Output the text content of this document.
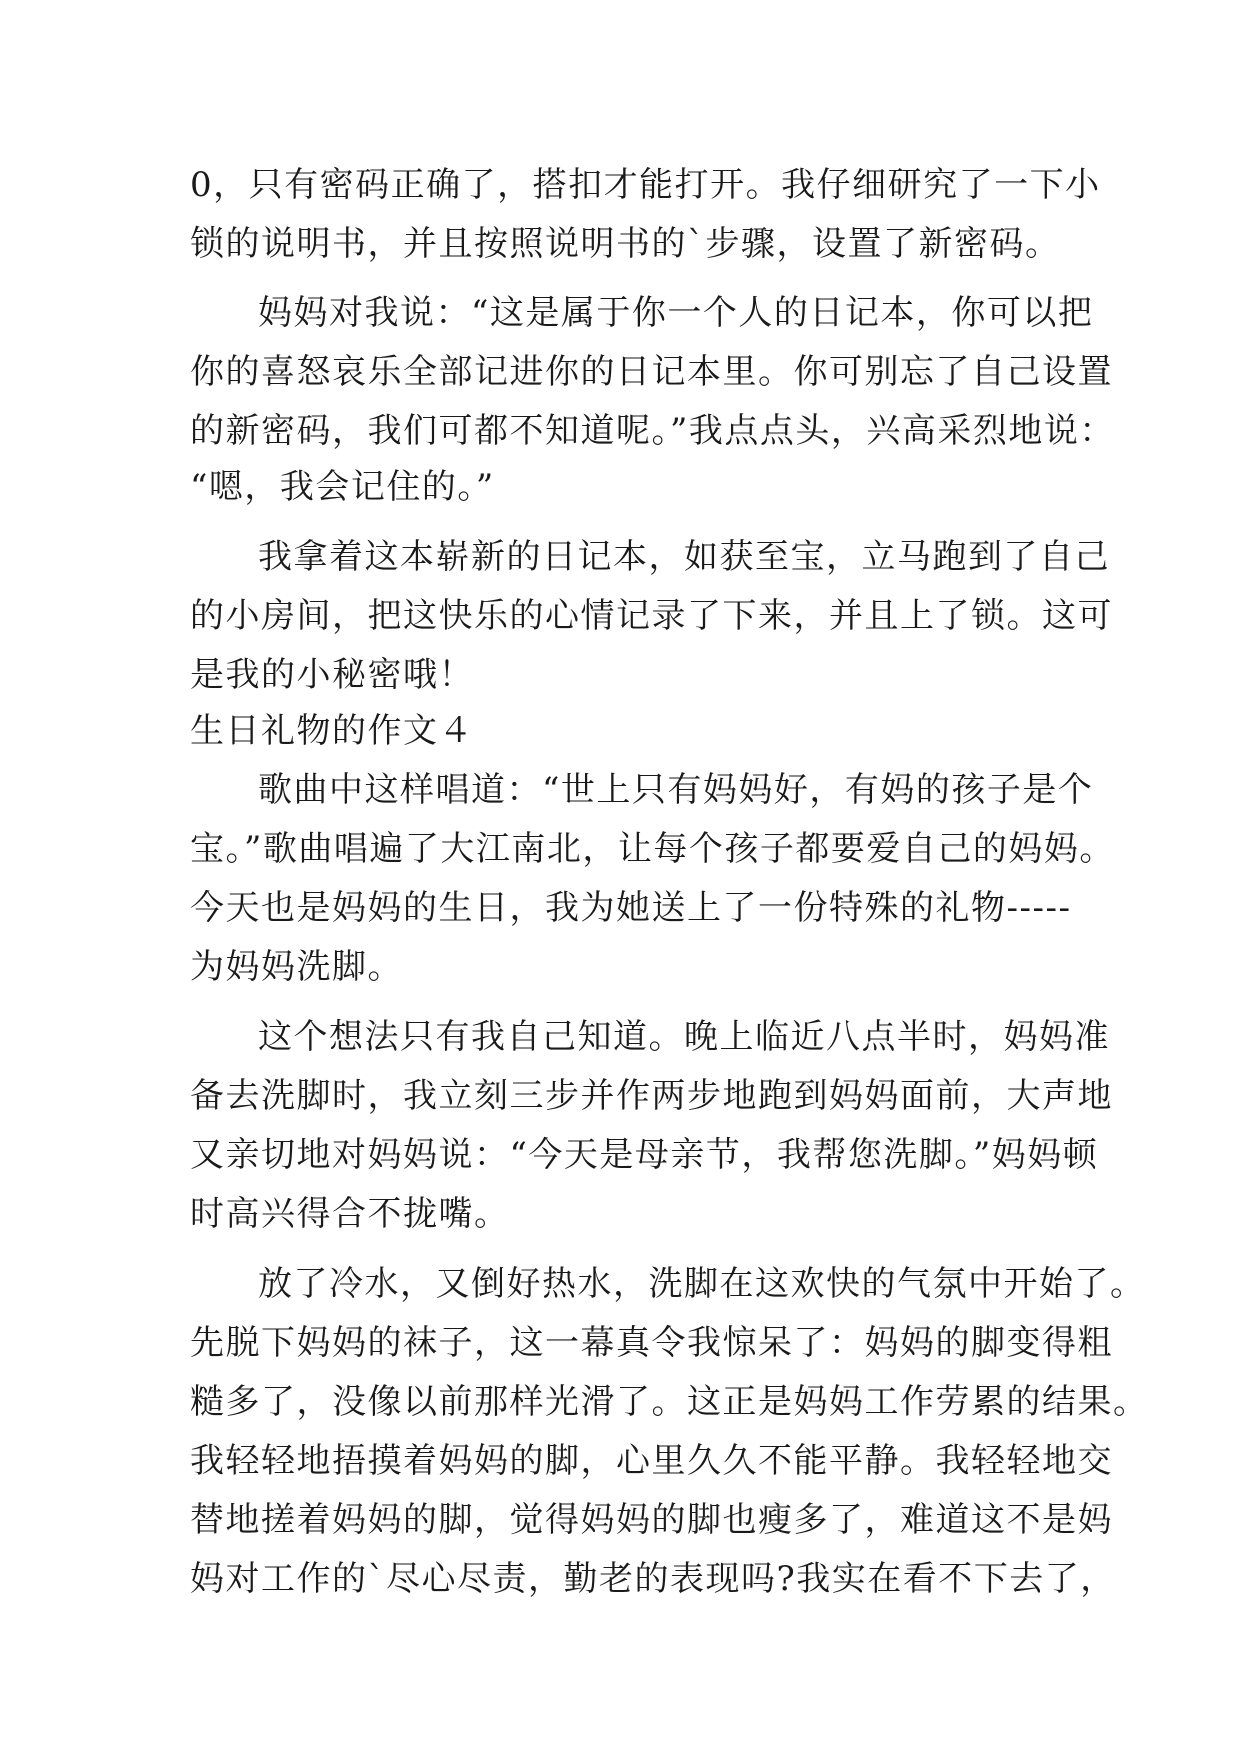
0，只有密码正确了，搭扣才能打开。我仔细研究了一下小
锁的说明书，并且按照说明书的`步骤，设置了新密码。
妈妈对我说：“这是属于你一个人的日记本，你可以把
你的喜怒哀乐全部记进你的日记本里。你可别忘了自己设置
的新密码，我们可都不知道呢。”我点点头，兴高采烈地说：
“嗯，我会记住的。”
我拿着这本崭新的日记本，如获至宝，立马跑到了自己
的小房间，把这快乐的心情记录了下来，并且上了锁。这可
是我的小秘密哦！
生日礼物的作文４
歌曲中这样唱道：“世上只有妈妈好，有妈的孩子是个
宝。”歌曲唱遍了大江南北，让每个孩子都要爱自己的妈妈。
今天也是妈妈的生日，我为她送上了一份特殊的礼物-----
为妈妈洗脚。
这个想法只有我自己知道。晚上临近八点半时，妈妈准
备去洗脚时，我立刻三步并作两步地跑到妈妈面前，大声地
又亲切地对妈妈说：“今天是母亲节，我帮您洗脚。”妈妈顿
时高兴得合不拢嘴。
放了冷水，又倒好热水，洗脚在这欢快的气氛中开始了。
先脱下妈妈的袜子，这一幕真令我惊呆了：妈妈的脚变得粗
糙多了，没像以前那样光滑了。这正是妈妈工作劳累的结果。
我轻轻地捂摸着妈妈的脚，心里久久不能平静。我轻轻地交
替地搓着妈妈的脚，觉得妈妈的脚也瘦多了，难道这不是妈
妈对工作的`尽心尽责，勤老的表现吗?我实在看不下去了，
